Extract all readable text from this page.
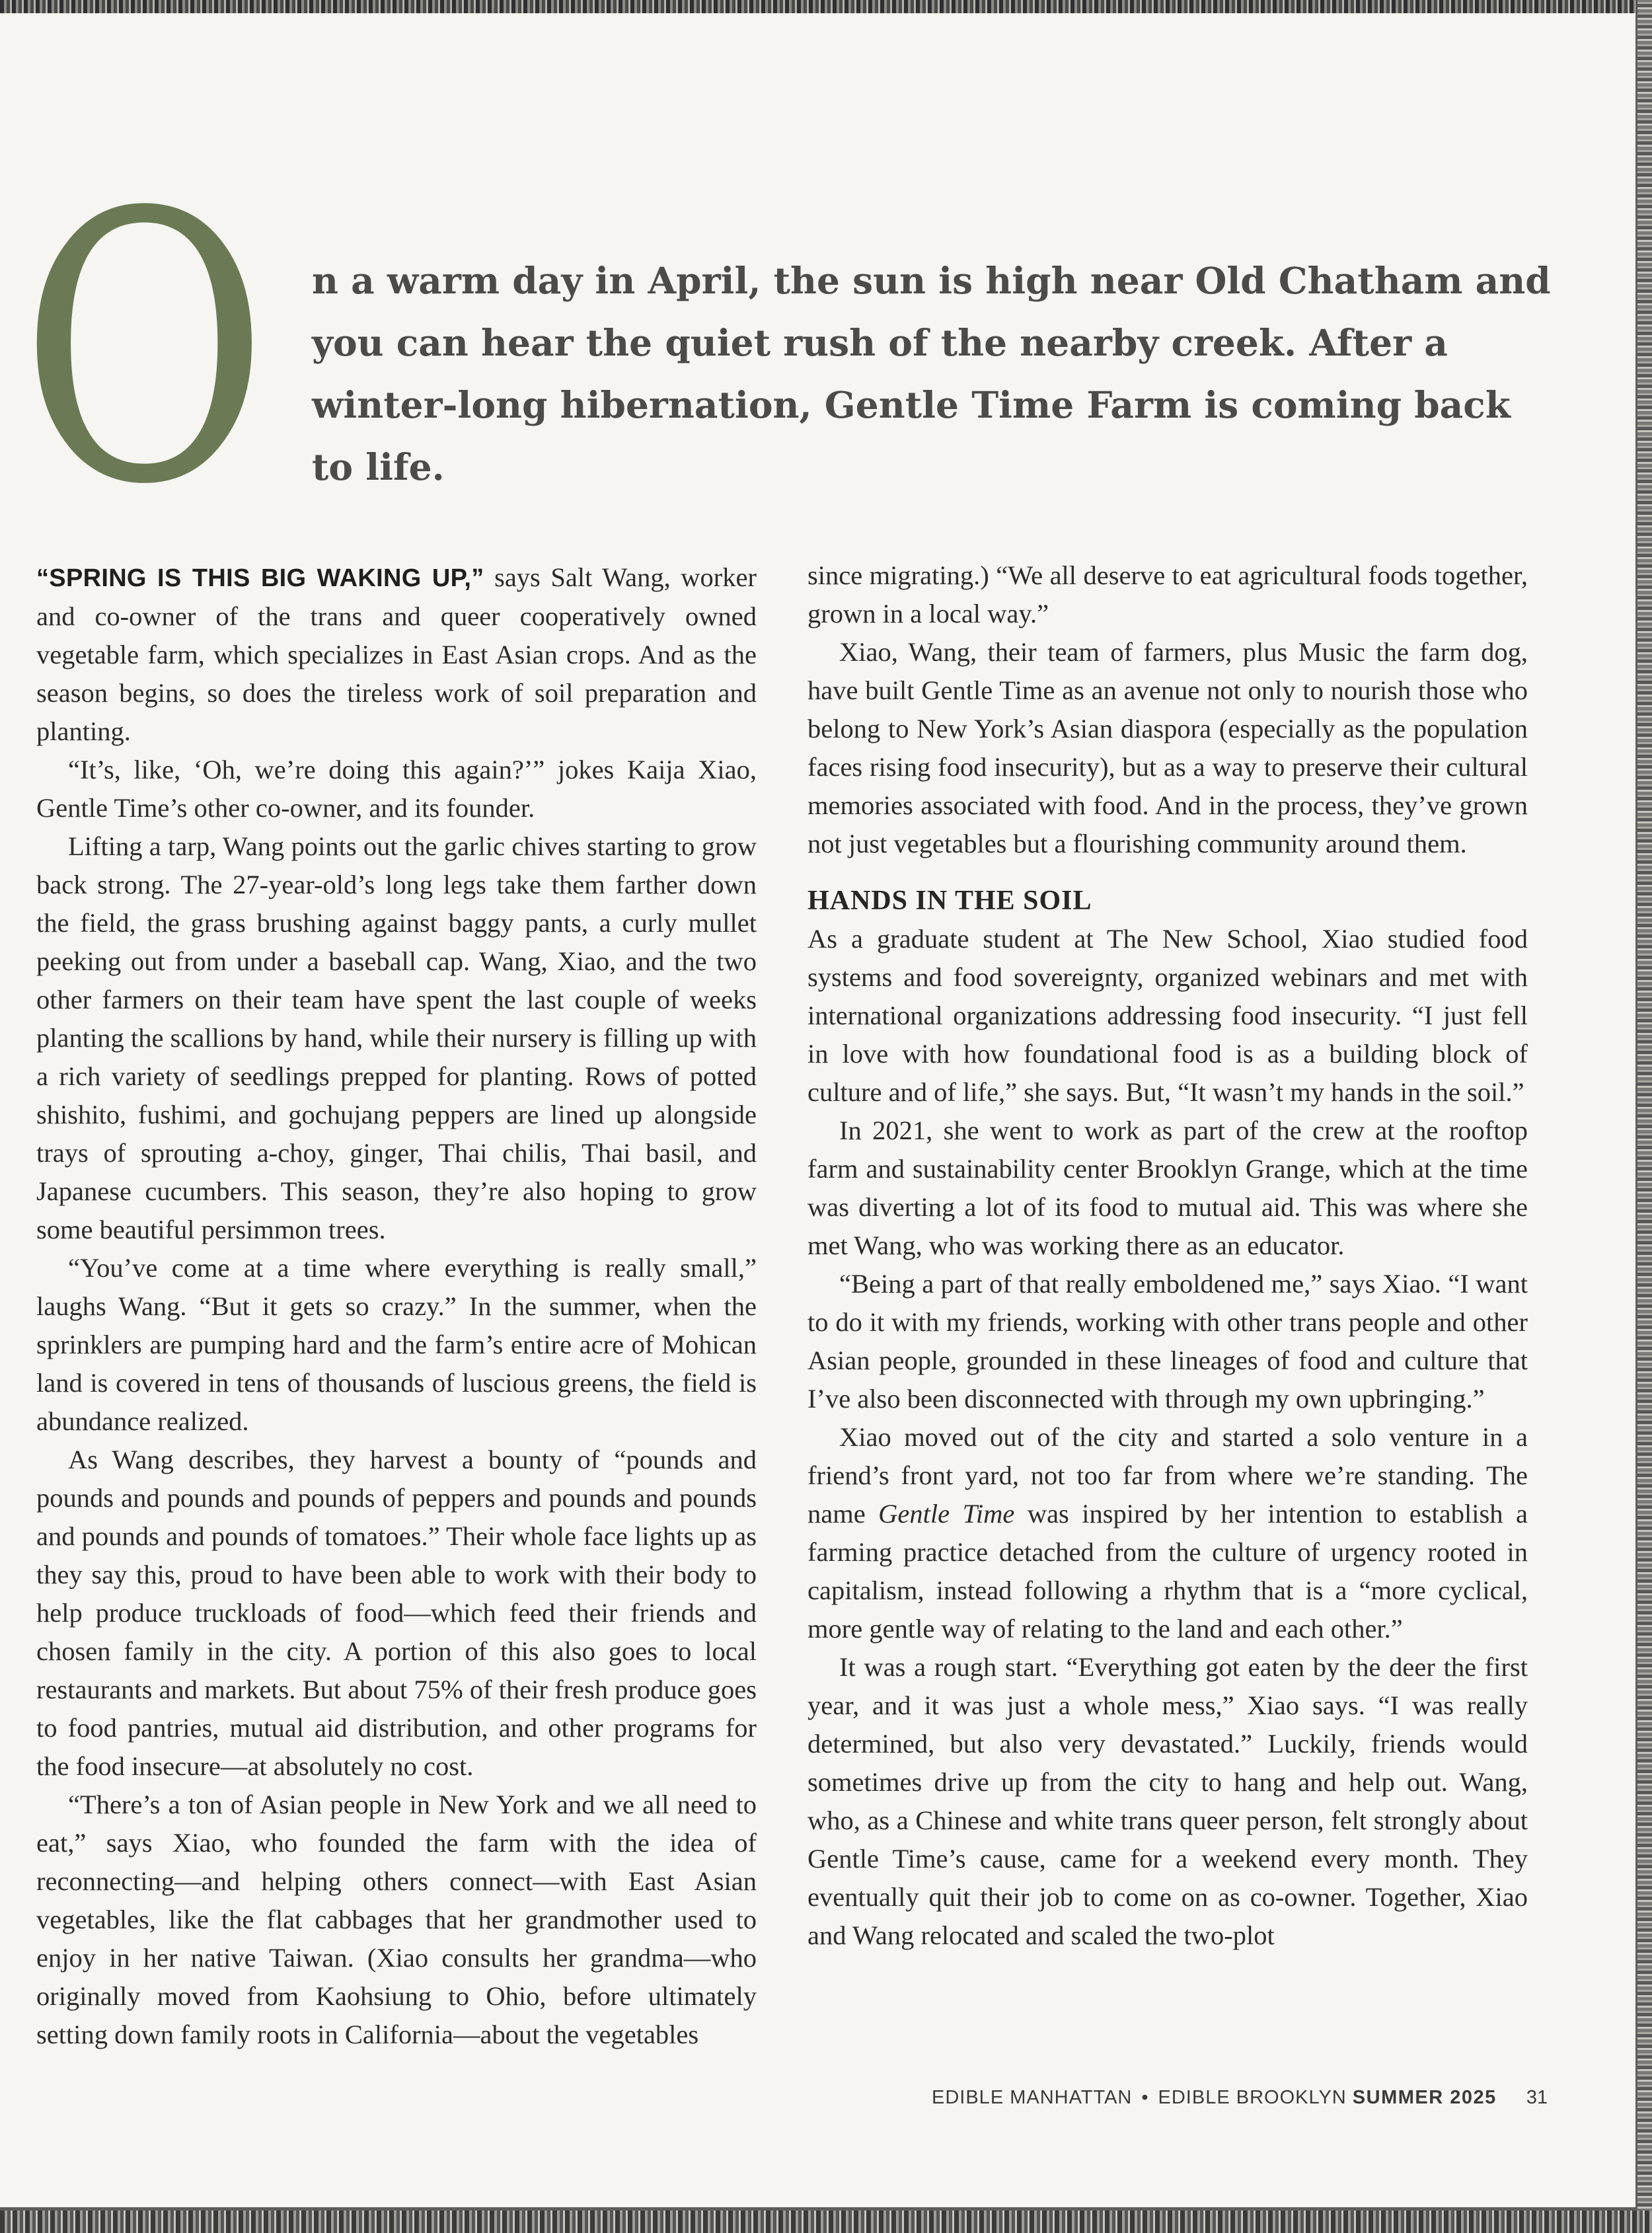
O n a warm day in April, the sun is high near Old Chatham and you can hear the quiet rush of the nearby creek. After a winter-long hibernation, Gentle Time Farm is coming back to life.

“SPRING IS THIS BIG WAKING UP,” says Salt Wang, worker and co-owner of the trans and queer cooperatively owned vegetable farm, which specializes in East Asian crops. And as the season begins, so does the tireless work of soil preparation and planting.

“It’s, like, ‘Oh, we’re doing this again?’” jokes Kaija Xiao, Gentle Time’s other co-owner, and its founder.

Lifting a tarp, Wang points out the garlic chives starting to grow back strong. The 27-year-old’s long legs take them farther down the field, the grass brushing against baggy pants, a curly mullet peeking out from under a baseball cap. Wang, Xiao, and the two other farmers on their team have spent the last couple of weeks planting the scallions by hand, while their nursery is filling up with a rich variety of seedlings prepped for planting. Rows of potted shishito, fushimi, and gochujang peppers are lined up alongside trays of sprouting a-choy, ginger, Thai chilis, Thai basil, and Japanese cucumbers. This season, they’re also hoping to grow some beautiful persimmon trees.

“You’ve come at a time where everything is really small,” laughs Wang. “But it gets so crazy.” In the summer, when the sprinklers are pumping hard and the farm’s entire acre of Mohican land is covered in tens of thousands of luscious greens, the field is abundance realized.

As Wang describes, they harvest a bounty of “pounds and pounds and pounds and pounds of peppers and pounds and pounds and pounds and pounds of tomatoes.” Their whole face lights up as they say this, proud to have been able to work with their body to help produce truckloads of food—which feed their friends and chosen family in the city. A portion of this also goes to local restaurants and markets. But about 75% of their fresh produce goes to food pantries, mutual aid distribution, and other programs for the food insecure—at absolutely no cost.

“There’s a ton of Asian people in New York and we all need to eat,” says Xiao, who founded the farm with the idea of reconnecting—and helping others connect—with East Asian vegetables, like the flat cabbages that her grandmother used to enjoy in her native Taiwan. (Xiao consults her grandma—who originally moved from Kaohsiung to Ohio, before ultimately setting down family roots in California—about the vegetables

since migrating.) “We all deserve to eat agricultural foods together, grown in a local way.”

Xiao, Wang, their team of farmers, plus Music the farm dog, have built Gentle Time as an avenue not only to nourish those who belong to New York’s Asian diaspora (especially as the population faces rising food insecurity), but as a way to preserve their cultural memories associated with food. And in the process, they’ve grown not just vegetables but a flourishing community around them.

HANDS IN THE SOIL

As a graduate student at The New School, Xiao studied food systems and food sovereignty, organized webinars and met with international organizations addressing food insecurity. “I just fell in love with how foundational food is as a building block of culture and of life,” she says. But, “It wasn’t my hands in the soil.”

In 2021, she went to work as part of the crew at the rooftop farm and sustainability center Brooklyn Grange, which at the time was diverting a lot of its food to mutual aid. This was where she met Wang, who was working there as an educator.

“Being a part of that really emboldened me,” says Xiao. “I want to do it with my friends, working with other trans people and other Asian people, grounded in these lineages of food and culture that I’ve also been disconnected with through my own upbringing.”

Xiao moved out of the city and started a solo venture in a friend’s front yard, not too far from where we’re standing. The name Gentle Time was inspired by her intention to establish a farming practice detached from the culture of urgency rooted in capitalism, instead following a rhythm that is a “more cyclical, more gentle way of relating to the land and each other.”

It was a rough start. “Everything got eaten by the deer the first year, and it was just a whole mess,” Xiao says. “I was really determined, but also very devastated.” Luckily, friends would sometimes drive up from the city to hang and help out. Wang, who, as a Chinese and white trans queer person, felt strongly about Gentle Time’s cause, came for a weekend every month. They eventually quit their job to come on as co-owner. Together, Xiao and Wang relocated and scaled the two-plot

EDIBLE MANHATTAN • EDIBLE BROOKLYN SUMMER 2025 31
